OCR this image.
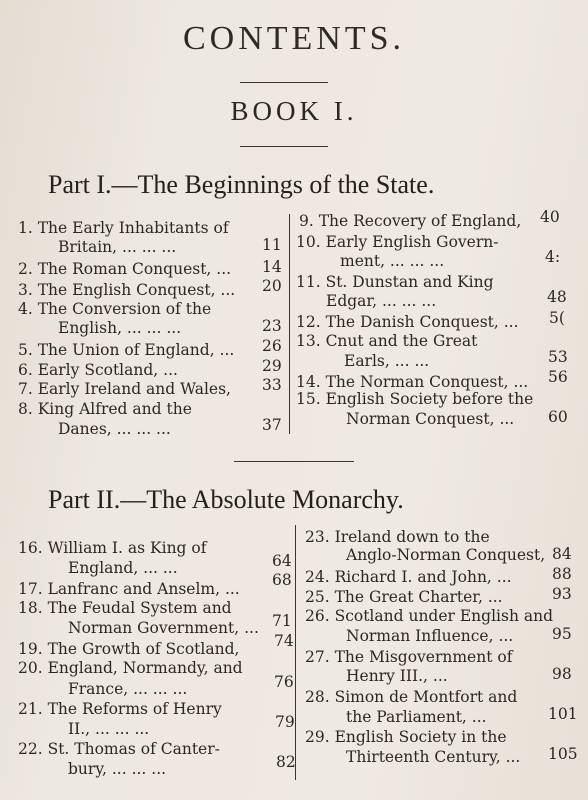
CONTENTS.
BOOK I.
Part I.—The Beginnings of the State.
1. The Early Inhabitants of
Britain, ... ... ...	11
2. The Roman Conquest, ... 14
3. The English Conquest, ... 20
4. The Conversion of the
English, ... ... ...	23
5. The Union of England, ... 26
6. Early Scotland, ...	29
7. Early Ireland and Wales, 33
8. King Alfred and the
Danes, ... ... ...	37
9. The Recovery of England, 40
10. Early English Govern-
ment, ... ... ...	4:
11. St. Dunstan and King
Edgar, ... ... ...	48
12. The Danish Conquest, ... 5(
13. Cnut and the Great
Earls, ... ...	53
14. The Norman Conquest, ... 56
15. English Society before the
Norman Conquest, ... 60
Part II.—The Absolute Monarchy.
16. William I. as King of
England, ... ...	64
17. Lanfranc and Anselm, ... 68
18. The Feudal System and
Norman Government, ... 71
19. The Growth of Scotland, 74
20. England, Normandy, and
France, ... ... ...	76
21. The Reforms of Henry
II., ... ... ...	79
22. St. Thomas of Canter-
bury, ... ... ...	82
23. Ireland down to the
Anglo-Norman Conquest, 84
24. Richard I. and John, ...	88
25. The Great Charter, ...	93
26. Scotland under English and
Norman Influence, ...	95
27. The Misgovernment of
Henry III., ...	98
28. Simon de Montfort and
the Parliament, ...	101
29. English Society in the
Thirteenth Century, ... 105
